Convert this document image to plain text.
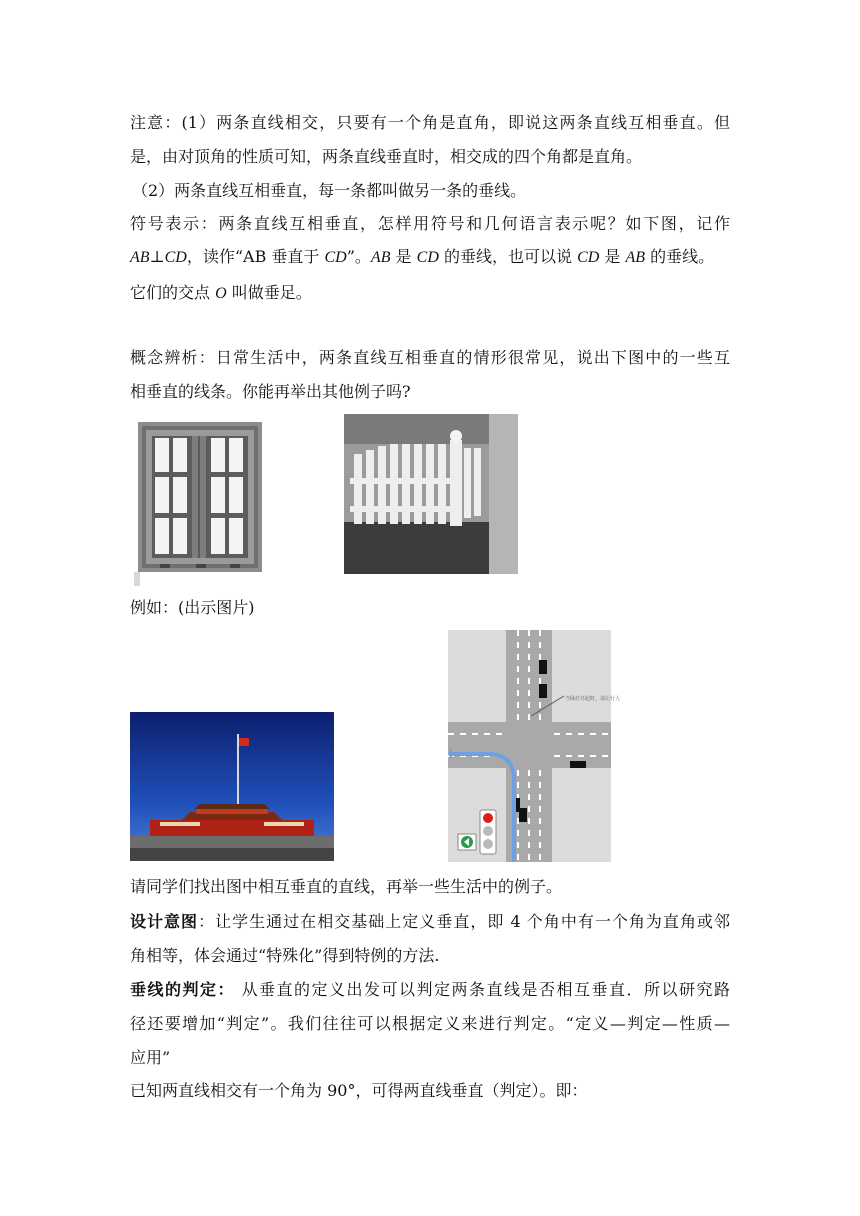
注意：(1）两条直线相交，只要有一个角是直角，即说这两条直线互相垂直。但
是，由对顶角的性质可知，两条直线垂直时，相交成的四个角都是直角。
（2）两条直线互相垂直，每一条都叫做另一条的垂线。
符号表示：两条直线互相垂直，怎样用符号和几何语言表示呢？如下图，记作
AB⊥CD，读作“AB 垂直于 CD”。AB 是 CD 的垂线，也可以说 CD 是 AB 的垂线。
它们的交点 O 叫做垂足。
概念辨析：日常生活中，两条直线互相垂直的情形很常见，说出下图中的一些互
相垂直的线条。你能再举出其他例子吗?
例如：(出示图片)
当绿灯亮起时，请让行人
请同学们找出图中相互垂直的直线，再举一些生活中的例子。
设计意图：让学生通过在相交基础上定义垂直，即 4 个角中有一个角为直角或邻
角相等，体会通过“特殊化”得到特例的方法.
垂线的判定： 从垂直的定义出发可以判定两条直线是否相互垂直．所以研究路
径还要增加“判定”。我们往往可以根据定义来进行判定。“定义—判定—性质—
应用”
已知两直线相交有一个角为 90°，可得两直线垂直（判定）。即：
